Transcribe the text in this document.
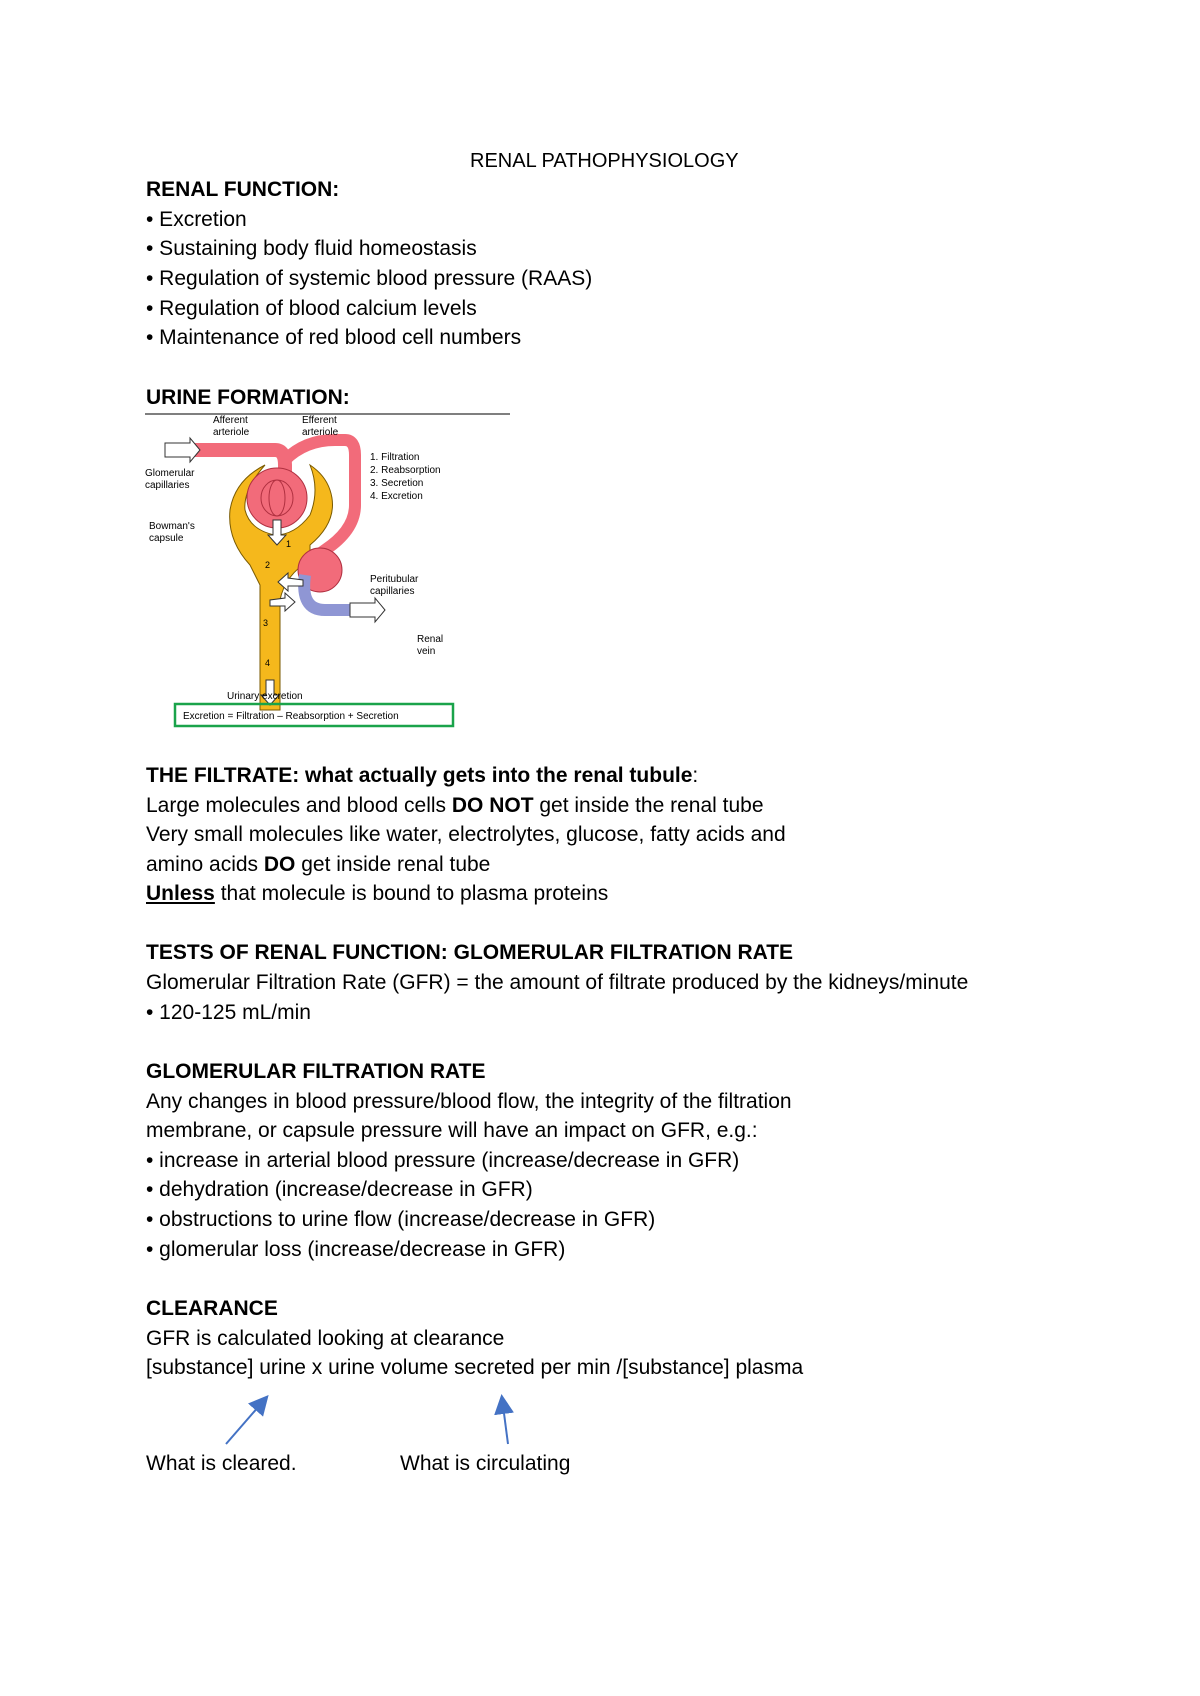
RENAL PATHOPHYSIOLOGY
RENAL FUNCTION:
• Excretion
• Sustaining body fluid homeostasis
• Regulation of systemic blood pressure (RAAS)
• Regulation of blood calcium levels
• Maintenance of red blood cell numbers
URINE FORMATION:
1
2
3
4
Afferent
arteriole
Efferent
arteriole
Glomerular
capillaries
Bowman's
capsule
1. Filtration
2. Reabsorption
3. Secretion
4. Excretion
Peritubular
capillaries
Renal
vein
Urinary excretion
Excretion = Filtration – Reabsorption + Secretion
THE FILTRATE: what actually gets into the renal tubule:
Large molecules and blood cells DO NOT get inside the renal tube
Very small molecules like water, electrolytes, glucose, fatty acids and
amino acids DO get inside renal tube
Unless that molecule is bound to plasma proteins
TESTS OF RENAL FUNCTION: GLOMERULAR FILTRATION RATE
Glomerular Filtration Rate (GFR) = the amount of filtrate produced by the kidneys/minute
• 120-125 mL/min
GLOMERULAR FILTRATION RATE
Any changes in blood pressure/blood flow, the integrity of the filtration
membrane, or capsule pressure will have an impact on GFR, e.g.:
• increase in arterial blood pressure (increase/decrease in GFR)
• dehydration (increase/decrease in GFR)
• obstructions to urine flow (increase/decrease in GFR)
• glomerular loss (increase/decrease in GFR)
CLEARANCE
GFR is calculated looking at clearance
[substance] urine x urine volume secreted per min /[substance] plasma
What is cleared.	What is circulating
